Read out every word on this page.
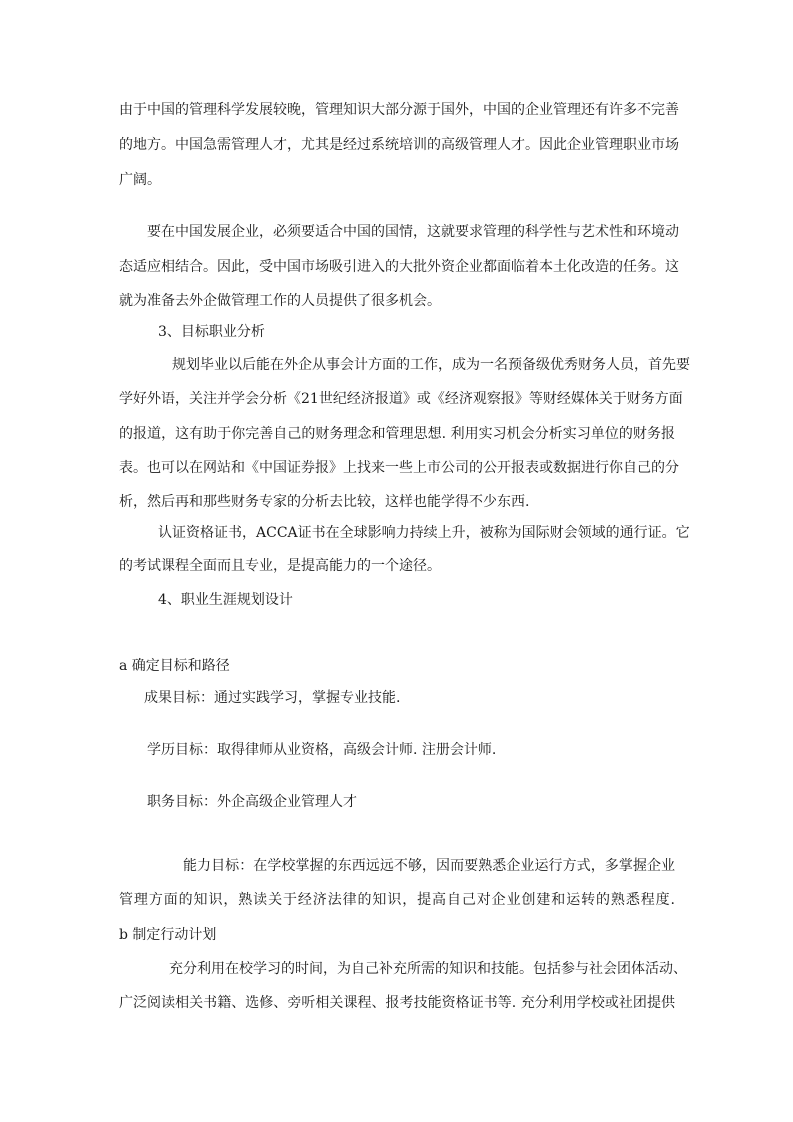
由于中国的管理科学发展较晚，管理知识大部分源于国外，中国的企业管理还有许多不完善
的地方。中国急需管理人才，尤其是经过系统培训的高级管理人才。因此企业管理职业市场
广阔。
要在中国发展企业，必须要适合中国的国情，这就要求管理的科学性与艺术性和环境动
态适应相结合。因此，受中国市场吸引进入的大批外资企业都面临着本土化改造的任务。这
就为准备去外企做管理工作的人员提供了很多机会。
3、目标职业分析
规划毕业以后能在外企从事会计方面的工作，成为一名预备级优秀财务人员，首先要
学好外语，关注并学会分析《21世纪经济报道》或《经济观察报》等财经媒体关于财务方面
的报道，这有助于你完善自己的财务理念和管理思想. 利用实习机会分析实习单位的财务报
表。也可以在网站和《中国证券报》上找来一些上市公司的公开报表或数据进行你自己的分
析，然后再和那些财务专家的分析去比较，这样也能学得不少东西.
认证资格证书，ACCA证书在全球影响力持续上升，被称为国际财会领域的通行证。它
的考试课程全面而且专业，是提高能力的一个途径。
4、职业生涯规划设计
a 确定目标和路径
成果目标：通过实践学习，掌握专业技能.
学历目标：取得律师从业资格，高级会计师. 注册会计师.
职务目标：外企高级企业管理人才
能力目标：在学校掌握的东西远远不够，因而要熟悉企业运行方式，多掌握企业
管理方面的知识，熟读关于经济法律的知识，提高自己对企业创建和运转的熟悉程度.
b 制定行动计划
充分利用在校学习的时间，为自己补充所需的知识和技能。包括参与社会团体活动、
广泛阅读相关书籍、选修、旁听相关课程、报考技能资格证书等. 充分利用学校或社团提供
